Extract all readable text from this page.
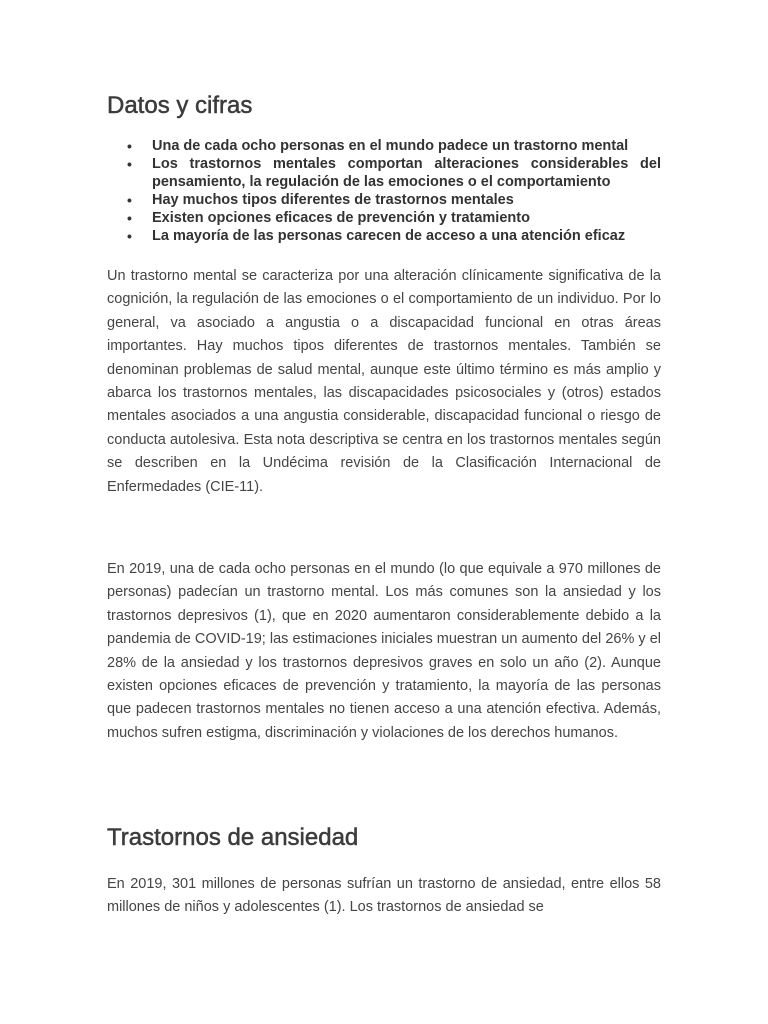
Datos y cifras
• Una de cada ocho personas en el mundo padece un trastorno mental
• Los trastornos mentales comportan alteraciones considerables del pensamiento, la regulación de las emociones o el comportamiento
• Hay muchos tipos diferentes de trastornos mentales
• Existen opciones eficaces de prevención y tratamiento
• La mayoría de las personas carecen de acceso a una atención eficaz

Un trastorno mental se caracteriza por una alteración clínicamente significativa de la cognición, la regulación de las emociones o el comportamiento de un individuo. Por lo general, va asociado a angustia o a discapacidad funcional en otras áreas importantes. Hay muchos tipos diferentes de trastornos mentales. También se denominan problemas de salud mental, aunque este último término es más amplio y abarca los trastornos mentales, las discapacidades psicosociales y (otros) estados mentales asociados a una angustia considerable, discapacidad funcional o riesgo de conducta autolesiva. Esta nota descriptiva se centra en los trastornos mentales según se describen en la Undécima revisión de la Clasificación Internacional de Enfermedades (CIE-11).

En 2019, una de cada ocho personas en el mundo (lo que equivale a 970 millones de personas) padecían un trastorno mental. Los más comunes son la ansiedad y los trastornos depresivos (1), que en 2020 aumentaron considerablemente debido a la pandemia de COVID-19; las estimaciones iniciales muestran un aumento del 26% y el 28% de la ansiedad y los trastornos depresivos graves en solo un año (2). Aunque existen opciones eficaces de prevención y tratamiento, la mayoría de las personas que padecen trastornos mentales no tienen acceso a una atención efectiva. Además, muchos sufren estigma, discriminación y violaciones de los derechos humanos.

Trastornos de ansiedad

En 2019, 301 millones de personas sufrían un trastorno de ansiedad, entre ellos 58 millones de niños y adolescentes (1). Los trastornos de ansiedad se
